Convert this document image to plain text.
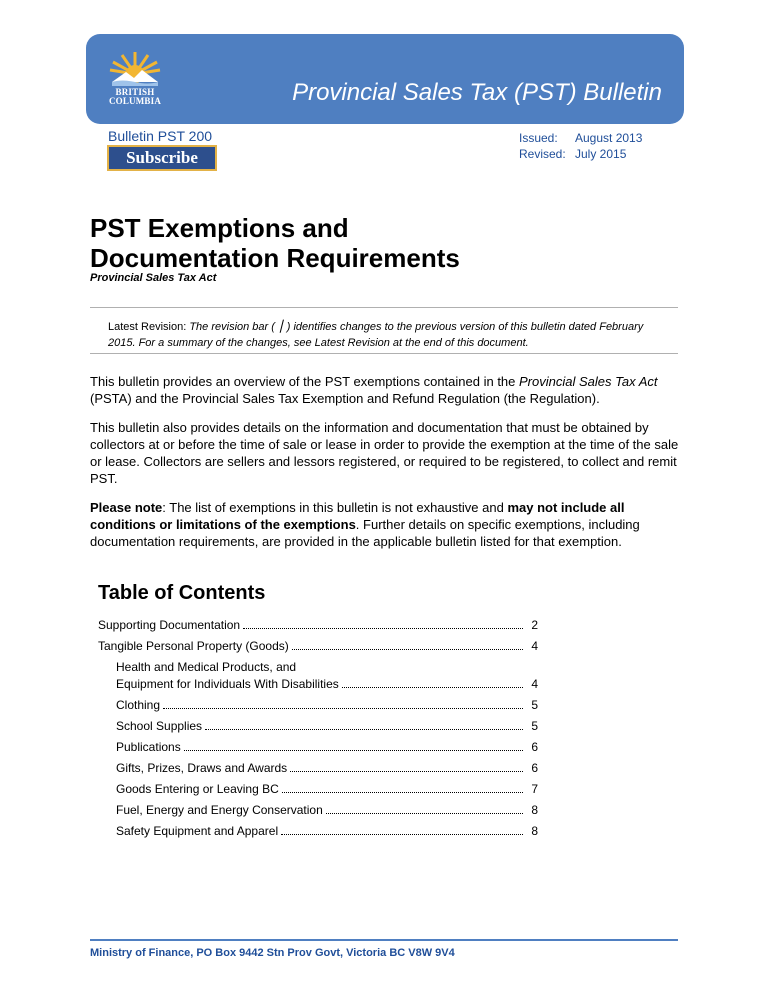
BRITISH
COLUMBIA	Provincial Sales Tax (PST) Bulletin
Bulletin PST 200
Subscribe
Issued: August 2013
Revised: July 2015
PST Exemptions and
Documentation Requirements
Provincial Sales Tax Act
Latest Revision: The revision bar ( ⎮ ) identifies changes to the previous version of this bulletin dated February 2015. For a summary of the changes, see Latest Revision at the end of this document.
This bulletin provides an overview of the PST exemptions contained in the Provincial Sales Tax Act (PSTA) and the Provincial Sales Tax Exemption and Refund Regulation (the Regulation).
This bulletin also provides details on the information and documentation that must be obtained by collectors at or before the time of sale or lease in order to provide the exemption at the time of the sale or lease. Collectors are sellers and lessors registered, or required to be registered, to collect and remit PST.
Please note: The list of exemptions in this bulletin is not exhaustive and may not include all conditions or limitations of the exemptions. Further details on specific exemptions, including documentation requirements, are provided in the applicable bulletin listed for that exemption.
Table of Contents
Supporting Documentation	2
Tangible Personal Property (Goods)	4
Health and Medical Products, and
Equipment for Individuals With Disabilities	4
Clothing	5
School Supplies	5
Publications	6
Gifts, Prizes, Draws and Awards	6
Goods Entering or Leaving BC	7
Fuel, Energy and Energy Conservation	8
Safety Equipment and Apparel	8
Ministry of Finance, PO Box 9442 Stn Prov Govt, Victoria BC V8W 9V4
